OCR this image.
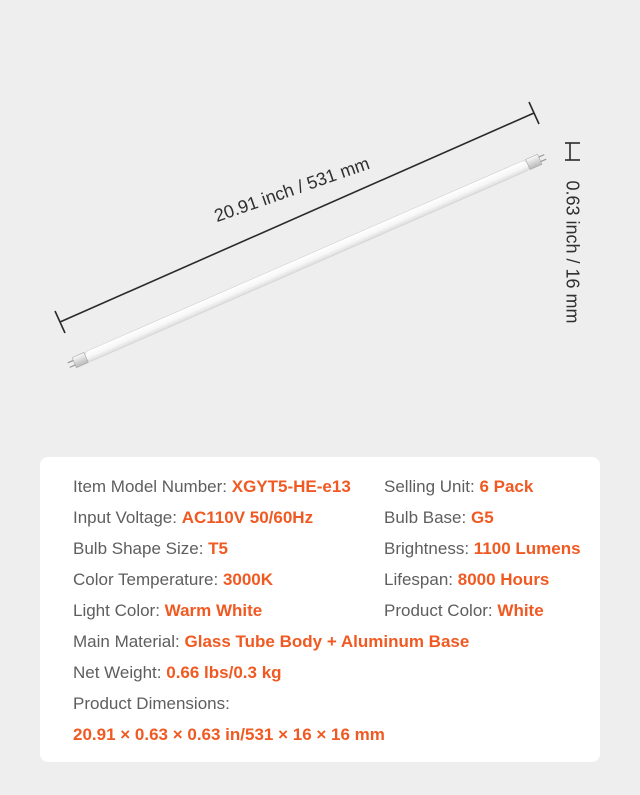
20.91 inch / 531 mm	0.63 inch / 16 mm
Item Model Number: XGYT5-HE-e13 Selling Unit: 6 Pack
Input Voltage: AC110V 50/60Hz	Bulb Base: G5
Bulb Shape Size: T5	Brightness: 1100 Lumens
Color Temperature: 3000K	Lifespan: 8000 Hours
Light Color: Warm White	Product Color: White
Main Material: Glass Tube Body + Aluminum Base
Net Weight: 0.66 lbs/0.3 kg
Product Dimensions:
20.91 × 0.63 × 0.63 in/531 × 16 × 16 mm
